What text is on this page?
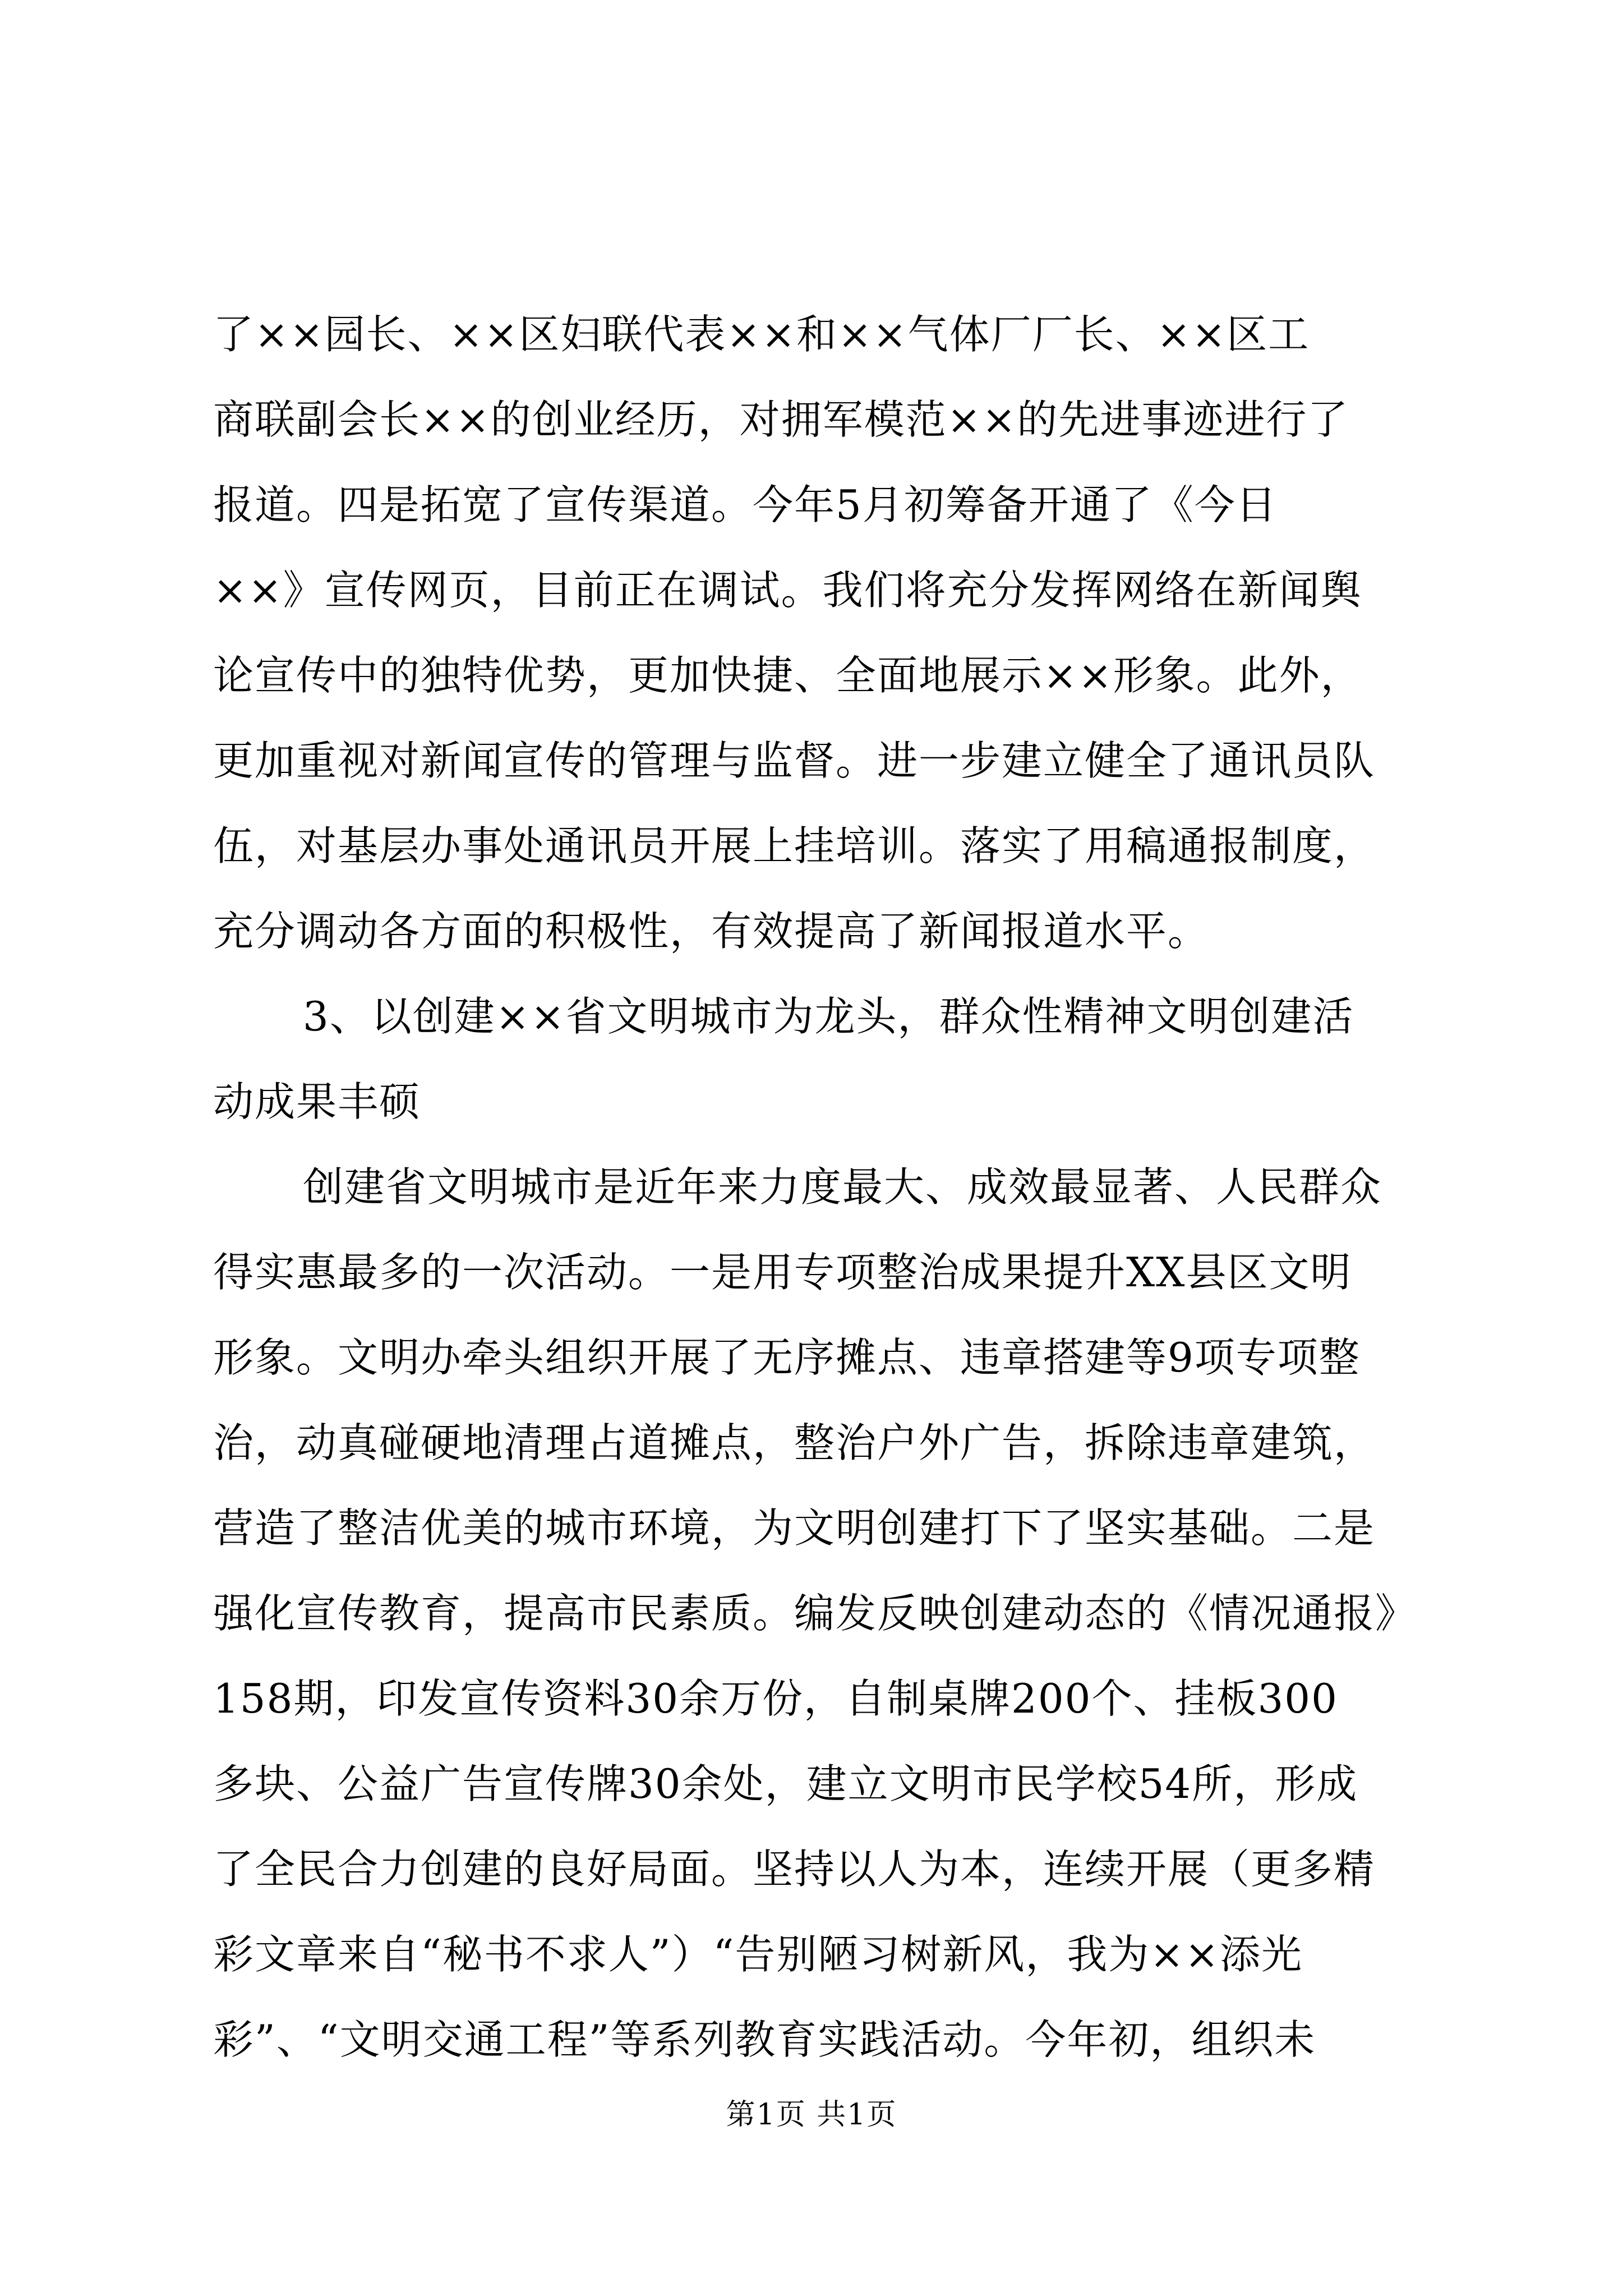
了××园长、××区妇联代表××和××气体厂厂长、××区工
商联副会长××的创业经历，对拥军模范××的先进事迹进行了
报道。四是拓宽了宣传渠道。今年5月初筹备开通了《今日
××》宣传网页，目前正在调试。我们将充分发挥网络在新闻舆
论宣传中的独特优势，更加快捷、全面地展示××形象。此外，
更加重视对新闻宣传的管理与监督。进一步建立健全了通讯员队
伍，对基层办事处通讯员开展上挂培训。落实了用稿通报制度，
充分调动各方面的积极性，有效提高了新闻报道水平。
3、以创建××省文明城市为龙头，群众性精神文明创建活
动成果丰硕
创建省文明城市是近年来力度最大、成效最显著、人民群众
得实惠最多的一次活动。一是用专项整治成果提升XX县区文明
形象。文明办牵头组织开展了无序摊点、违章搭建等9项专项整
治，动真碰硬地清理占道摊点，整治户外广告，拆除违章建筑，
营造了整洁优美的城市环境，为文明创建打下了坚实基础。二是
强化宣传教育，提高市民素质。编发反映创建动态的《情况通报》
158期，印发宣传资料30余万份，自制桌牌200个、挂板300
多块、公益广告宣传牌30余处，建立文明市民学校54所，形成
了全民合力创建的良好局面。坚持以人为本，连续开展（更多精
彩文章来自“秘书不求人”）“告别陋习树新风，我为××添光
彩”、“文明交通工程”等系列教育实践活动。今年初，组织未
第1页 共1页
